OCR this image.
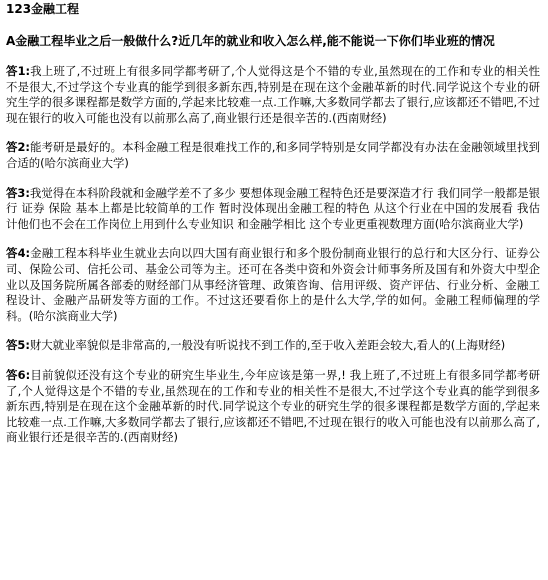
123金融工程
A金融工程毕业之后一般做什么?近几年的就业和收入怎么样,能不能说一下你们毕业班的情况

答1:我上班了,不过班上有很多同学都考研了,个人觉得这是个不错的专业,虽然现在的工作和专业的相关性不是很大,不过学这个专业真的能学到很多新东西,特别是在现在这个金融革新的时代.同学说这个专业的研究生学的很多课程都是数学方面的,学起来比较难一点.工作嘛,大多数同学都去了银行,应该都还不错吧,不过现在银行的收入可能也没有以前那么高了,商业银行还是很辛苦的.(西南财经)

答2:能考研是最好的。本科金融工程是很难找工作的,和多同学特别是女同学都没有办法在金融领域里找到合适的(哈尔滨商业大学)

答3:我觉得在本科阶段就和金融学差不了多少 要想体现金融工程特色还是要深造才行 我们同学一般都是银行 证券 保险 基本上都是比较简单的工作 暂时没体现出金融工程的特色 从这个行业在中国的发展看 我估计他们也不会在工作岗位上用到什么专业知识 和金融学相比 这个专业更重视数理方面(哈尔滨商业大学)

答4:金融工程本科毕业生就业去向以四大国有商业银行和多个股份制商业银行的总行和大区分行、证券公司、保险公司、信托公司、基金公司等为主。还可在各类中资和外资会计师事务所及国有和外资大中型企业以及国务院所属各部委的财经部门从事经济管理、政策咨询、信用评级、资产评估、行业分析、金融工程设计、金融产品研发等方面的工作。不过这还要看你上的是什么大学,学的如何。金融工程师偏理的学科。(哈尔滨商业大学)

答5:财大就业率貌似是非常高的,一般没有听说找不到工作的,至于收入差距会较大,看人的(上海财经)

答6:目前貌似还没有这个专业的研究生毕业生,今年应该是第一界,! 我上班了,不过班上有很多同学都考研了,个人觉得这是个不错的专业,虽然现在的工作和专业的相关性不是很大,不过学这个专业真的能学到很多新东西,特别是在现在这个金融革新的时代.同学说这个专业的研究生学的很多课程都是数学方面的,学起来比较难一点.工作嘛,大多数同学都去了银行,应该都还不错吧,不过现在银行的收入可能也没有以前那么高了,商业银行还是很辛苦的.(西南财经)
